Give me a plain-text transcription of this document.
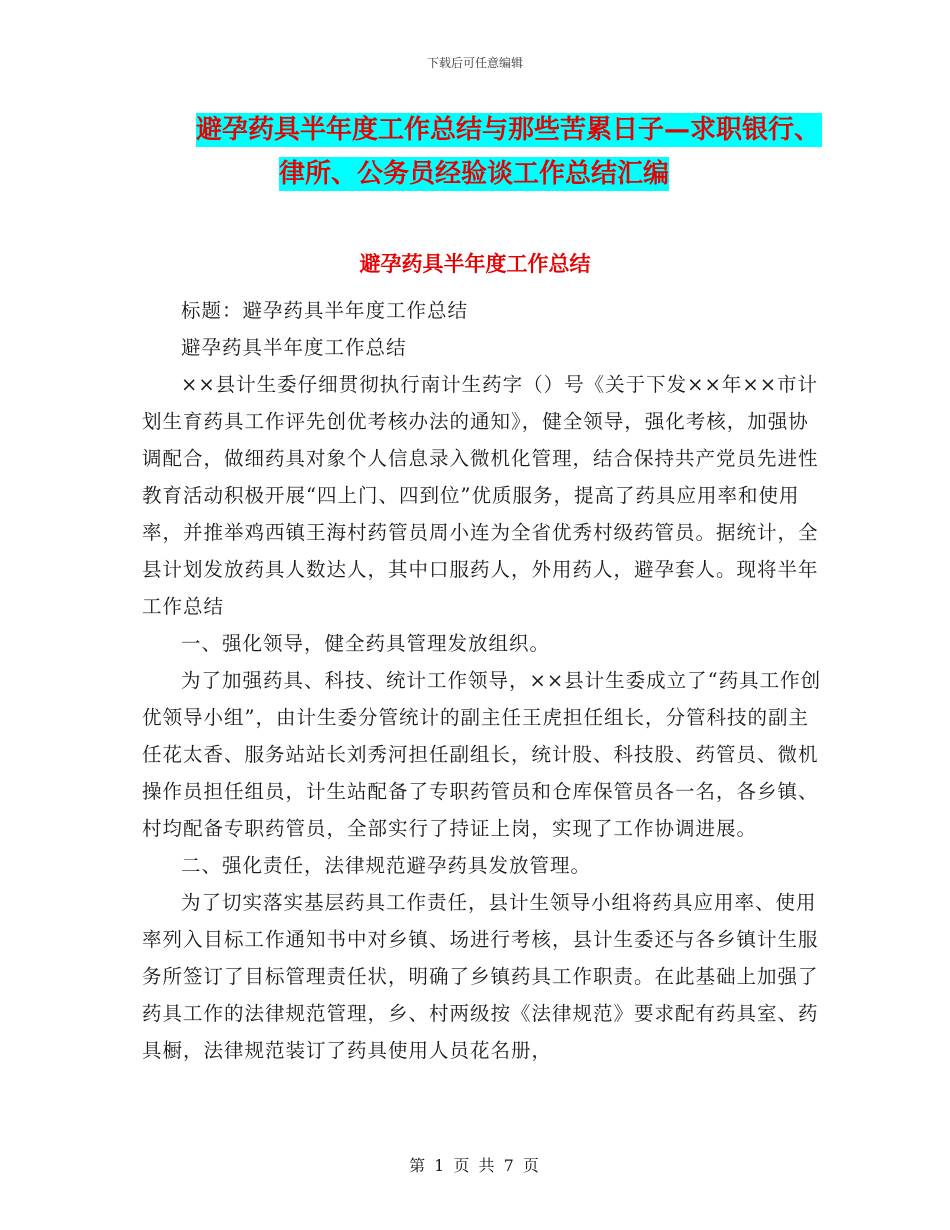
下载后可任意编辑
避孕药具半年度工作总结与那些苦累日子—求职银行、
律所、公务员经验谈工作总结汇编
避孕药具半年度工作总结

标题：避孕药具半年度工作总结

避孕药具半年度工作总结

××县计生委仔细贯彻执行南计生药字（）号《关于下发××年××市计划生育药具工作评先创优考核办法的通知》，健全领导，强化考核，加强协调配合，做细药具对象个人信息录入微机化管理，结合保持共产党员先进性教育活动积极开展“四上门、四到位”优质服务，提高了药具应用率和使用率，并推举鸡西镇王海村药管员周小连为全省优秀村级药管员。据统计，全县计划发放药具人数达人，其中口服药人，外用药人，避孕套人。现将半年工作总结

一、强化领导，健全药具管理发放组织。

为了加强药具、科技、统计工作领导，××县计生委成立了“药具工作创优领导小组”，由计生委分管统计的副主任王虎担任组长，分管科技的副主任花太香、服务站站长刘秀河担任副组长，统计股、科技股、药管员、微机操作员担任组员，计生站配备了专职药管员和仓库保管员各一名，各乡镇、村均配备专职药管员，全部实行了持证上岗，实现了工作协调进展。

二、强化责任，法律规范避孕药具发放管理。

为了切实落实基层药具工作责任，县计生领导小组将药具应用率、使用率列入目标工作通知书中对乡镇、场进行考核，县计生委还与各乡镇计生服务所签订了目标管理责任状，明确了乡镇药具工作职责。在此基础上加强了药具工作的法律规范管理，乡、村两级按《法律规范》要求配有药具室、药具橱，法律规范装订了药具使用人员花名册，

第 1 页 共 7 页
